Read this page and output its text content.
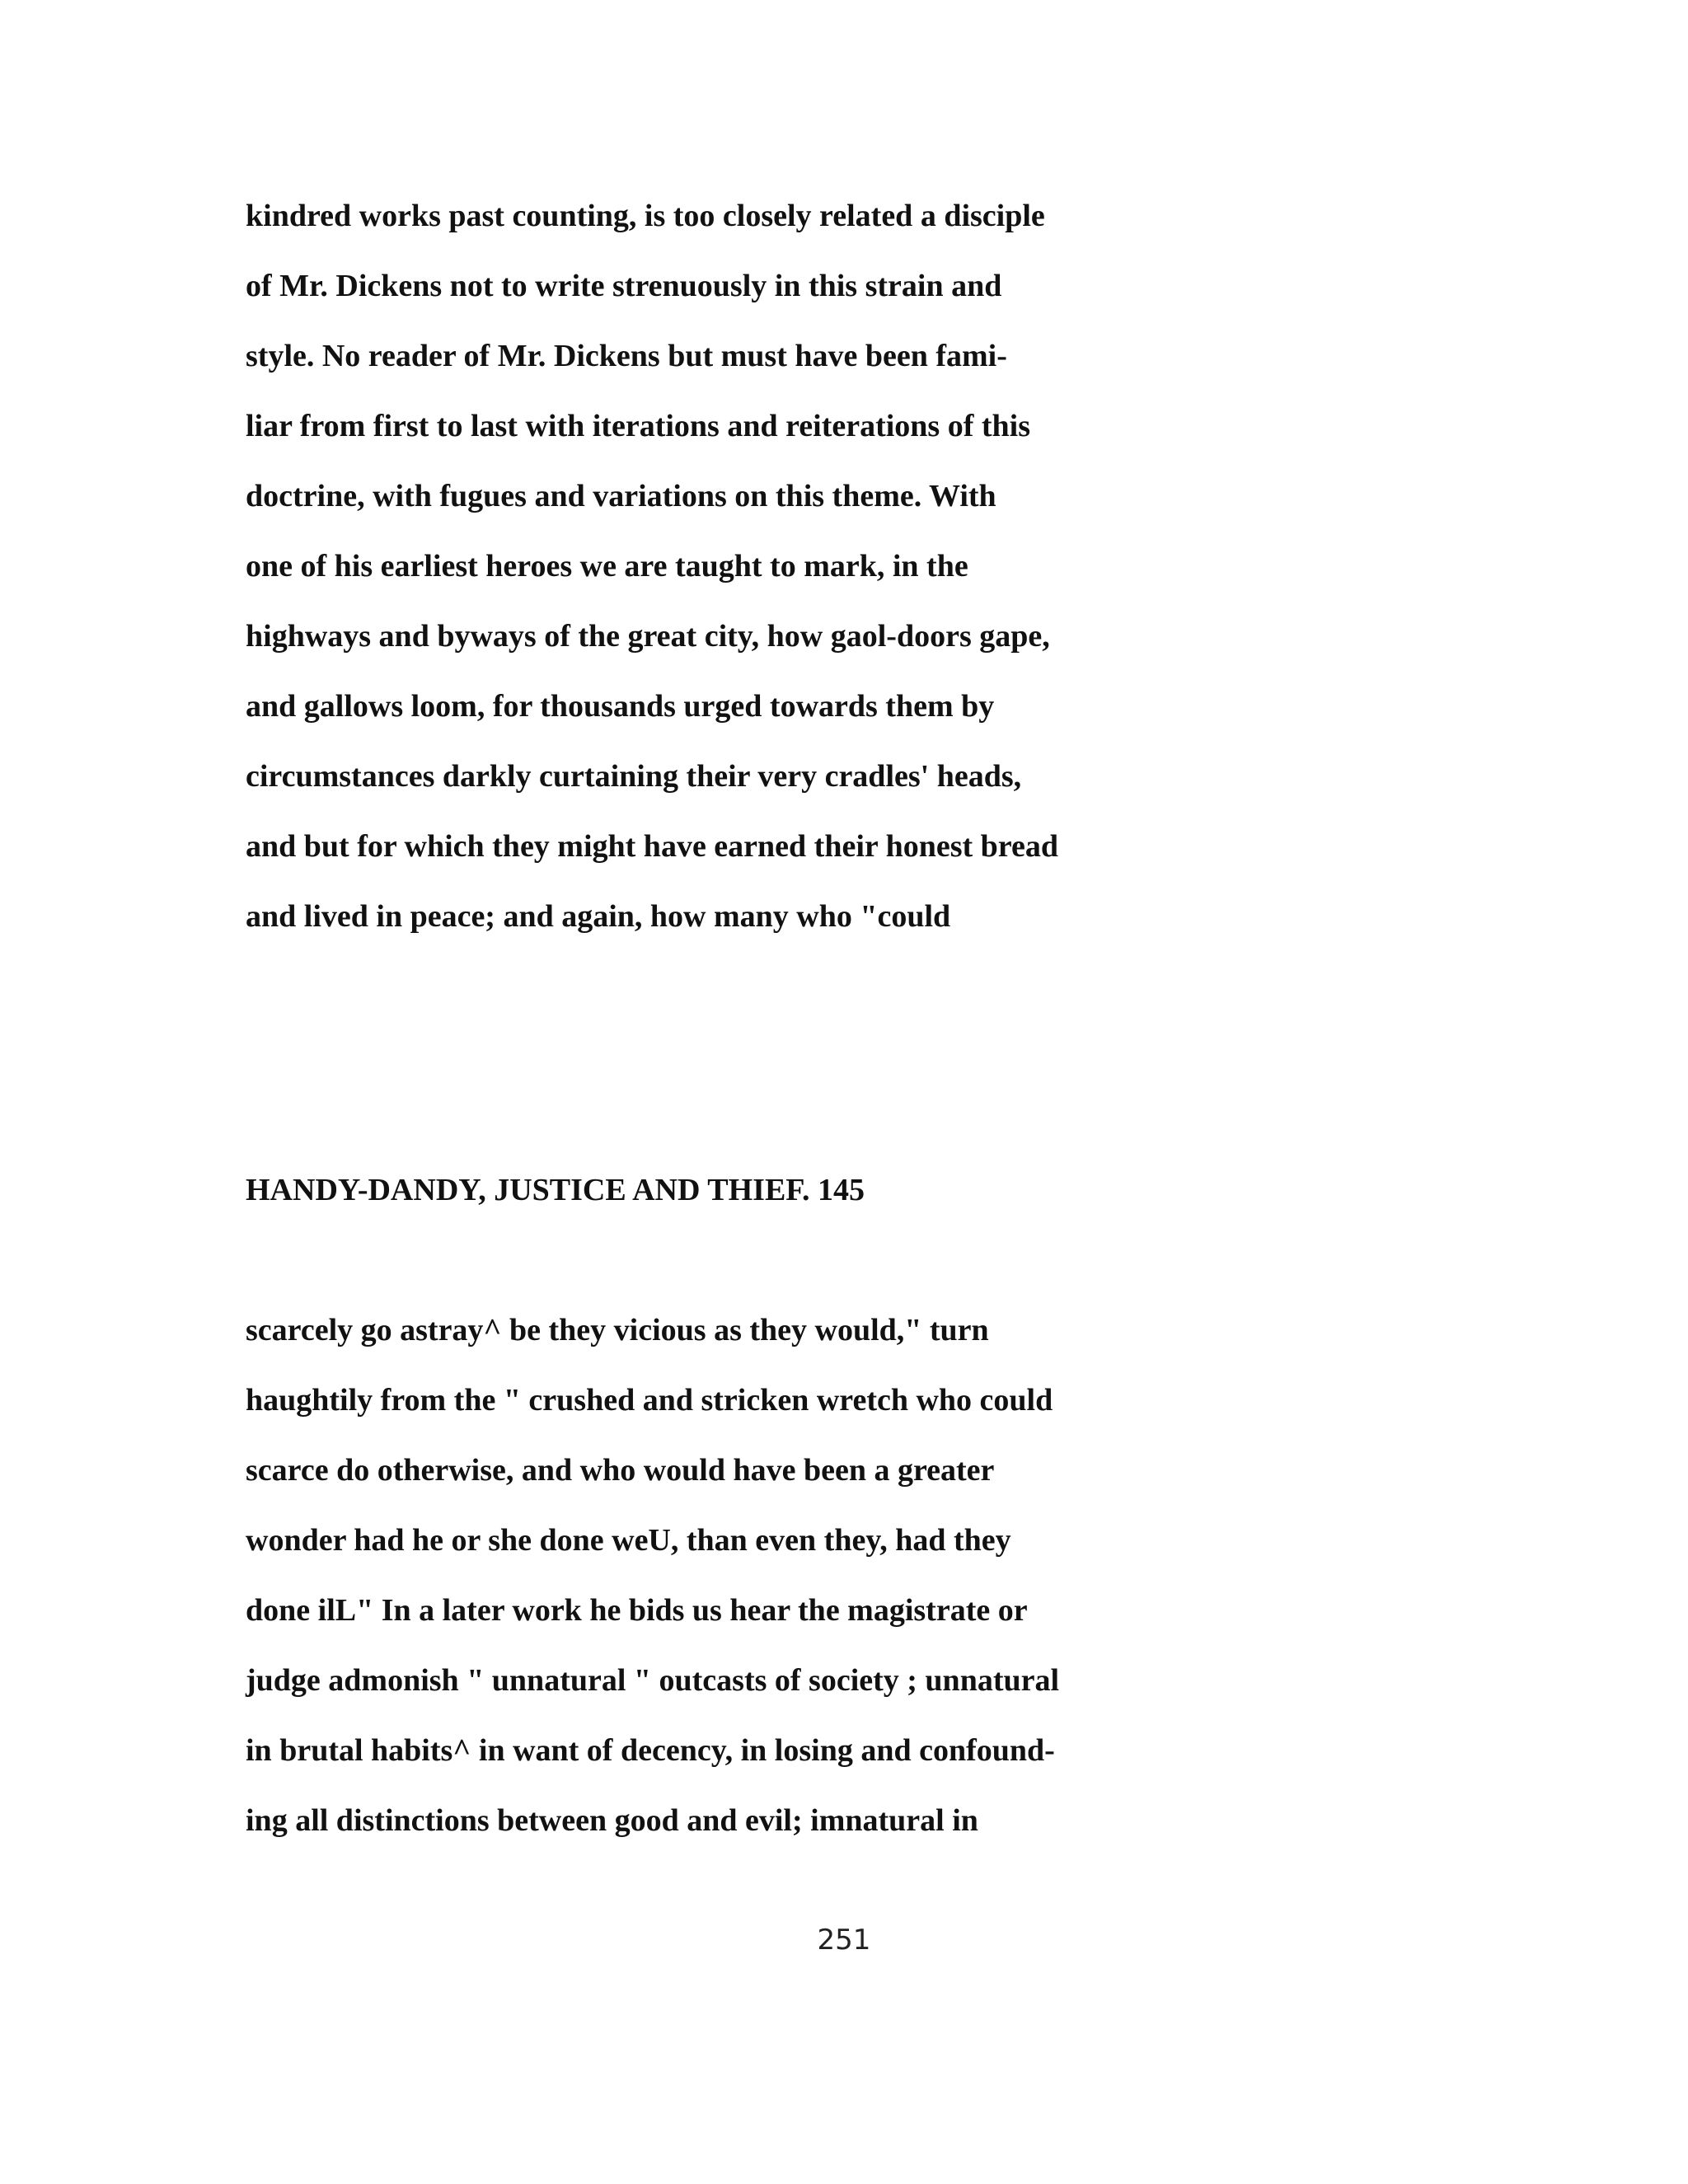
kindred works past counting, is too closely related a disciple
of Mr. Dickens not to write strenuously in this strain and
style. No reader of Mr. Dickens but must have been fami-
liar from first to last with iterations and reiterations of this
doctrine, with fugues and variations on this theme. With
one of his earliest heroes we are taught to mark, in the
highways and byways of the great city, how gaol-doors gape,
and gallows loom, for thousands urged towards them by
circumstances darkly curtaining their very cradles' heads,
and but for which they might have earned their honest bread
and lived in peace; and again, how many who "could
HANDY-DANDY, JUSTICE AND THIEF. 145
scarcely go astray^ be they vicious as they would," turn
haughtily from the " crushed and stricken wretch who could
scarce do otherwise, and who would have been a greater
wonder had he or she done weU, than even they, had they
done ilL" In a later work he bids us hear the magistrate or
judge admonish " unnatural " outcasts of society ; unnatural
in brutal habits^ in want of decency, in losing and confound-
ing all distinctions between good and evil; imnatural in
251
